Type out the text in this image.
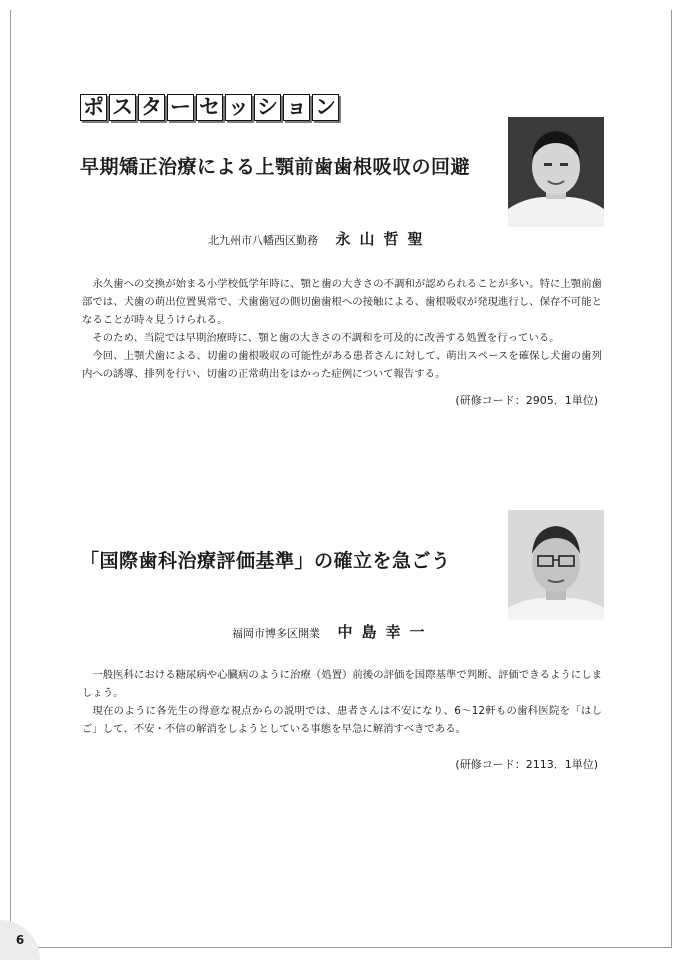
ポ ス タ ー セ ッ シ ョ ン
早期矯正治療による上顎前歯歯根吸収の回避
北九州市八幡西区勤務 永山哲聖

永久歯への交換が始まる小学校低学年時に、顎と歯の大きさの不調和が認められることが多い。特に上顎前歯部では、犬歯の萌出位置異常で、犬歯歯冠の側切歯歯根への接触による、歯根吸収が発現進行し、保存不可能となることが時々見うけられる。

そのため、当院では早期治療時に、顎と歯の大きさの不調和を可及的に改善する処置を行っている。

今回、上顎犬歯による、切歯の歯根吸収の可能性がある患者さんに対して、萌出スペースを確保し犬歯の歯列内への誘導、排列を行い、切歯の正常萌出をはかった症例について報告する。

(研修コード：2905．1単位)
「国際歯科治療評価基準」の確立を急ごう
福岡市博多区開業 中島幸一

一般医科における糖尿病や心臓病のように治療（処置）前後の評価を国際基準で判断、評価できるようにしましょう。

現在のように各先生の得意な視点からの説明では、患者さんは不安になり、6～12軒もの歯科医院を「はしご」して、不安・不信の解消をしようとしている事態を早急に解消すべきである。

(研修コード：2113．1単位)
6
